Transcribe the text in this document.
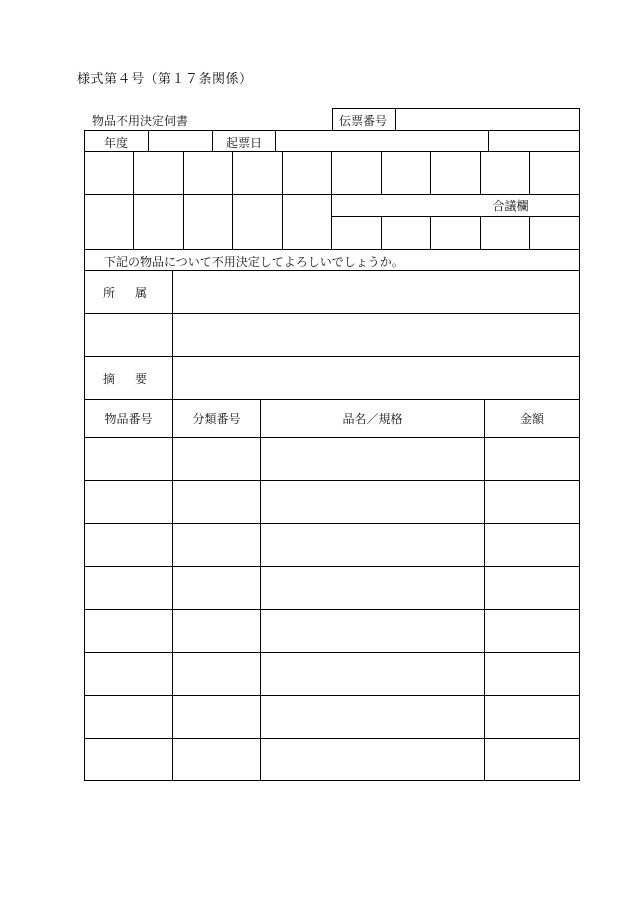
様式第４号（第１７条関係）
物品不用決定伺書	伝票番号
年度	起票日
合議欄
下記の物品について不用決定してよろしいでしょうか。
所　属
摘　要
物品番号	分類番号	品名／規格	金額
